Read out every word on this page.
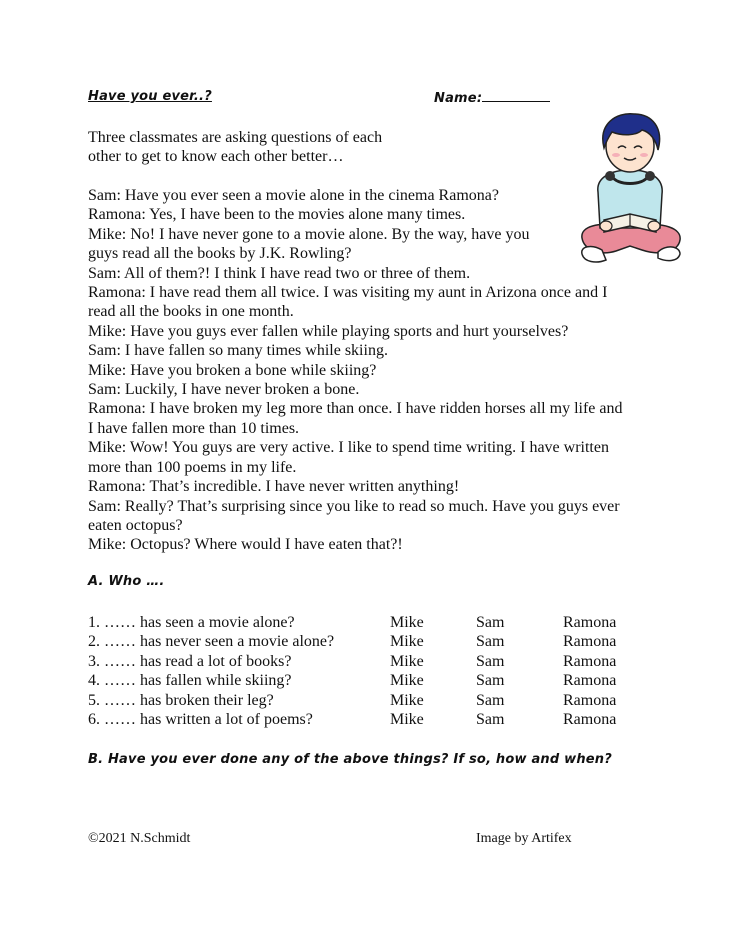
Have you ever..?	Name:

Three classmates are asking questions of each

other to get to know each other better…

Sam: Have you ever seen a movie alone in the cinema Ramona?

Ramona: Yes, I have been to the movies alone many times.

Mike: No! I have never gone to a movie alone. By the way, have you

guys read all the books by J.K. Rowling?

Sam: All of them?! I think I have read two or three of them.

Ramona: I have read them all twice. I was visiting my aunt in Arizona once and I

read all the books in one month.

Mike: Have you guys ever fallen while playing sports and hurt yourselves?

Sam: I have fallen so many times while skiing.

Mike: Have you broken a bone while skiing?

Sam: Luckily, I have never broken a bone.

Ramona: I have broken my leg more than once. I have ridden horses all my life and

I have fallen more than 10 times.

Mike: Wow! You guys are very active. I like to spend time writing. I have written

more than 100 poems in my life.

Ramona: That’s incredible. I have never written anything!

Sam: Really? That’s surprising since you like to read so much. Have you guys ever

eaten octopus?

Mike: Octopus? Where would I have eaten that?!

A. Who ….
1. …… has seen a movie alone?	Mike	Sam	Ramona
2. …… has never seen a movie alone?	Mike	Sam	Ramona
3. …… has read a lot of books?	Mike	Sam	Ramona
4. …… has fallen while skiing?	Mike	Sam	Ramona
5. …… has broken their leg?	Mike	Sam	Ramona
6. …… has written a lot of poems?	Mike	Sam	Ramona
B. Have you ever done any of the above things? If so, how and when?
©2021 N.Schmidt	Image by Artifex
